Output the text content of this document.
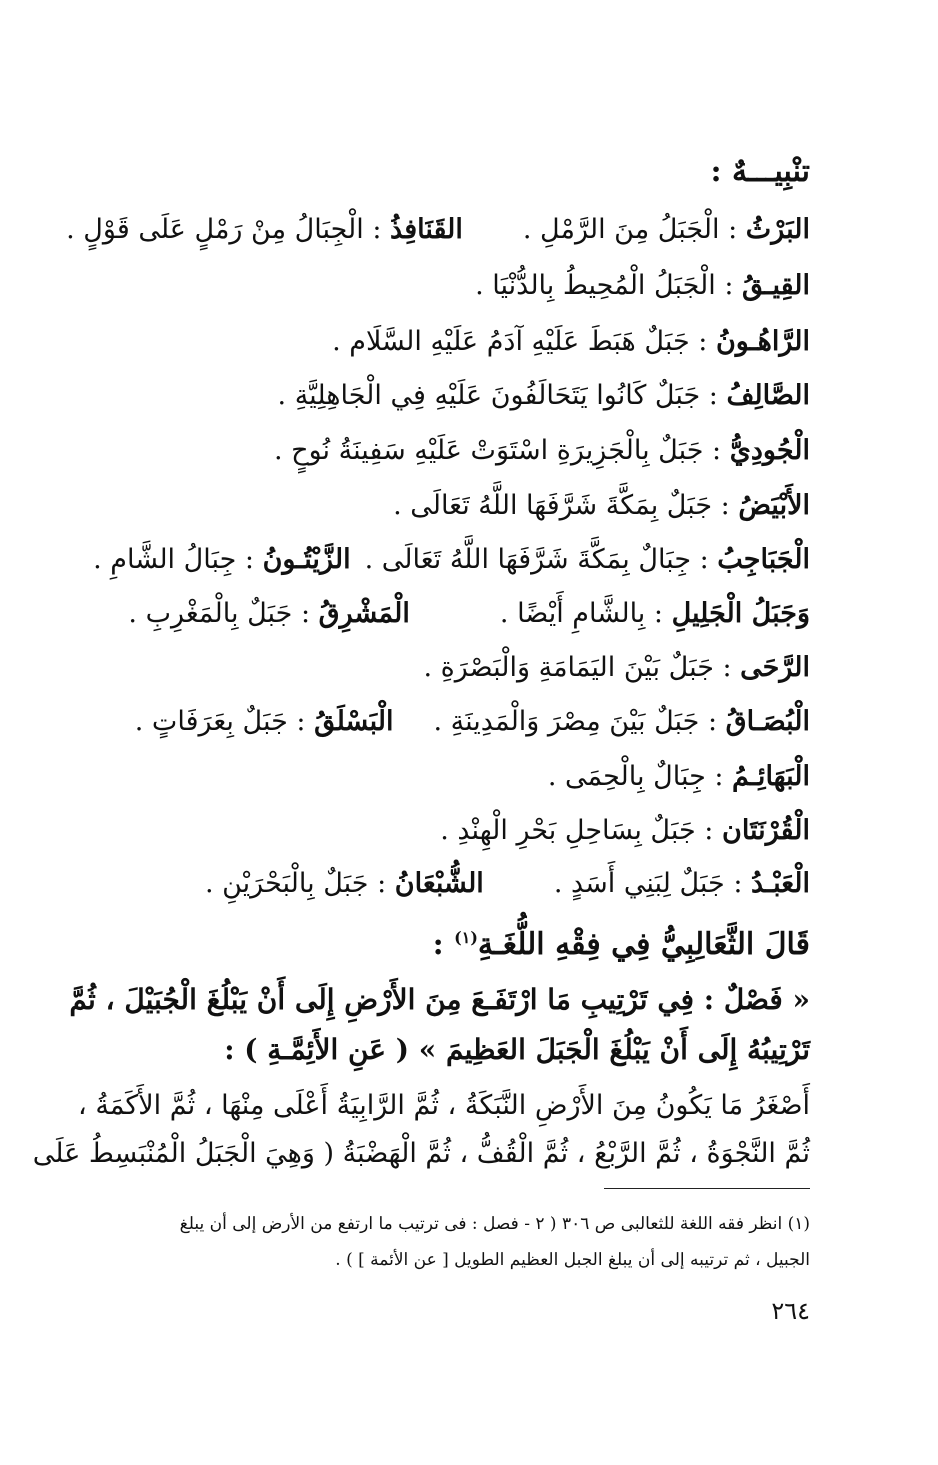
تنْبِيـــهٌ :
البَرْثُ : الْجَبَلُ مِنَ الرَّمْلِ .القَنَافِذُ : الْجِبَالُ مِنْ رَمْلٍ عَلَى قَوْلٍ .
القِيـقُ : الْجَبَلُ الْمُحِيطُ بِالدُّنْيَا .
الرَّاهُـونُ : جَبَلٌ هَبَطَ عَلَيْهِ آدَمُ عَلَيْهِ السَّلَام .
الصَّالِفُ : جَبَلٌ كَانُوا يَتَحَالَفُونَ عَلَيْهِ فِي الْجَاهِلِيَّةِ .
الْجُودِيُّ : جَبَلٌ بِالْجَزِيرَةِ اسْتَوَتْ عَلَيْهِ سَفِينَةُ نُوحٍ .
الأَبْيَضُ : جَبَلٌ بِمَكَّةَ شَرَّفَهَا اللَّهُ تَعَالَى .
الْجَبَاجِبُ : جِبَالٌ بِمَكَّةَ شَرَّفَهَا اللَّهُ تَعَالَى .الزَّيْتُـونُ : جِبَالُ الشَّامِ .
وَجَبَلُ الْجَلِيلِ : بِالشَّامِ أَيْضًا .الْمَشْرِقُ : جَبَلٌ بِالْمَغْرِبِ .
الرَّحَى : جَبَلٌ بَيْنَ اليَمَامَةِ وَالْبَصْرَةِ .
الْبُصَـاقُ : جَبَلٌ بَيْنَ مِصْرَ وَالْمَدِينَةِ .الْبَسْلَقُ : جَبَلٌ بِعَرَفَاتٍ .
الْبَهَائِـمُ : جِبَالٌ بِالْحِمَى .
الْقُرْنَتَان : جَبَلٌ بِسَاحِلِ بَحْرِ الْهِنْدِ .
الْعَبْـدُ : جَبَلٌ لِبَنِي أَسَدٍ .الشُّبْعَانُ : جَبَلٌ بِالْبَحْرَيْنِ .
قَالَ الثَّعَالِبِيُّ فِي فِقْهِ اللُّغَـةِ$^{(١)}$ :
« فَصْلٌ : فِي تَرْتِيبِ مَا ارْتَفَـعَ مِنَ الأَرْضِ إِلَى أَنْ يَبْلُغَ الْجُبَيْلَ ، ثُمَّ
تَرْتِيبُهُ إِلَى أَنْ يَبْلُغَ الْجَبَلَ العَظِيمَ » ( عَنِ الأَئِمَّـةِ ) :
أَصْغَرُ مَا يَكُونُ مِنَ الأَرْضِ النَّبَكَةُ ، ثُمَّ الرَّابِيَةُ أَعْلَى مِنْهَا ، ثُمَّ الأَكَمَةُ ،
ثُمَّ النَّجْوَةُ ، ثُمَّ الرَّبْعُ ، ثُمَّ الْقُفُّ ، ثُمَّ الْهَضْبَةُ ( وَهِيَ الْجَبَلُ الْمُنْبَسِطُ عَلَى
(١) انظر فقه اللغة للثعالبى ص ٣٠٦ ( ٢ - فصل : فى ترتيب ما ارتفع من الأرض إلى أن يبلغ
الجبيل ، ثم ترتيبه إلى أن يبلغ الجبل العظيم الطويل [ عن الأئمة ] ) .
٢٦٤
